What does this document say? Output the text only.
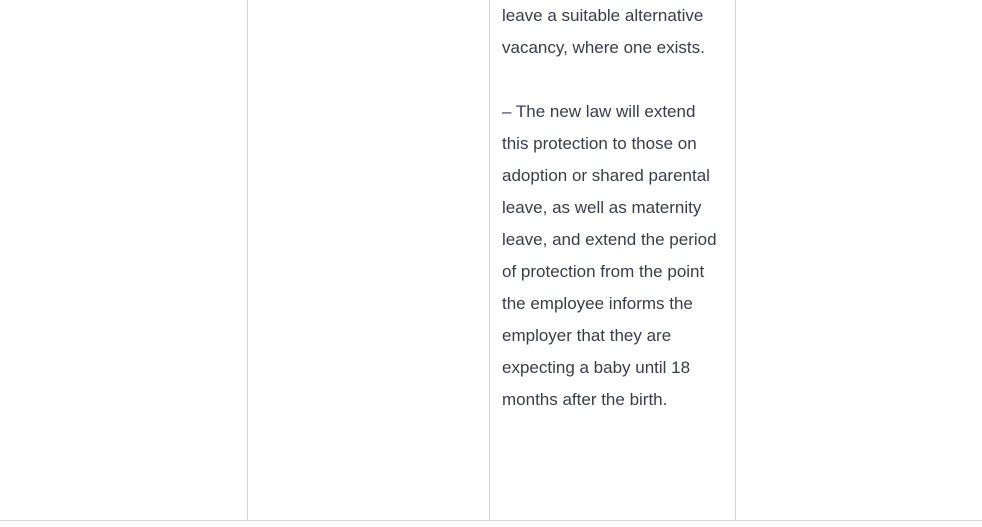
leave a suitable alternative vacancy, where one exists.

– The new law will extend this protection to those on adoption or shared parental leave, as well as maternity leave, and extend the period of protection from the point the employee informs the employer that they are expecting a baby until 18 months after the birth.
